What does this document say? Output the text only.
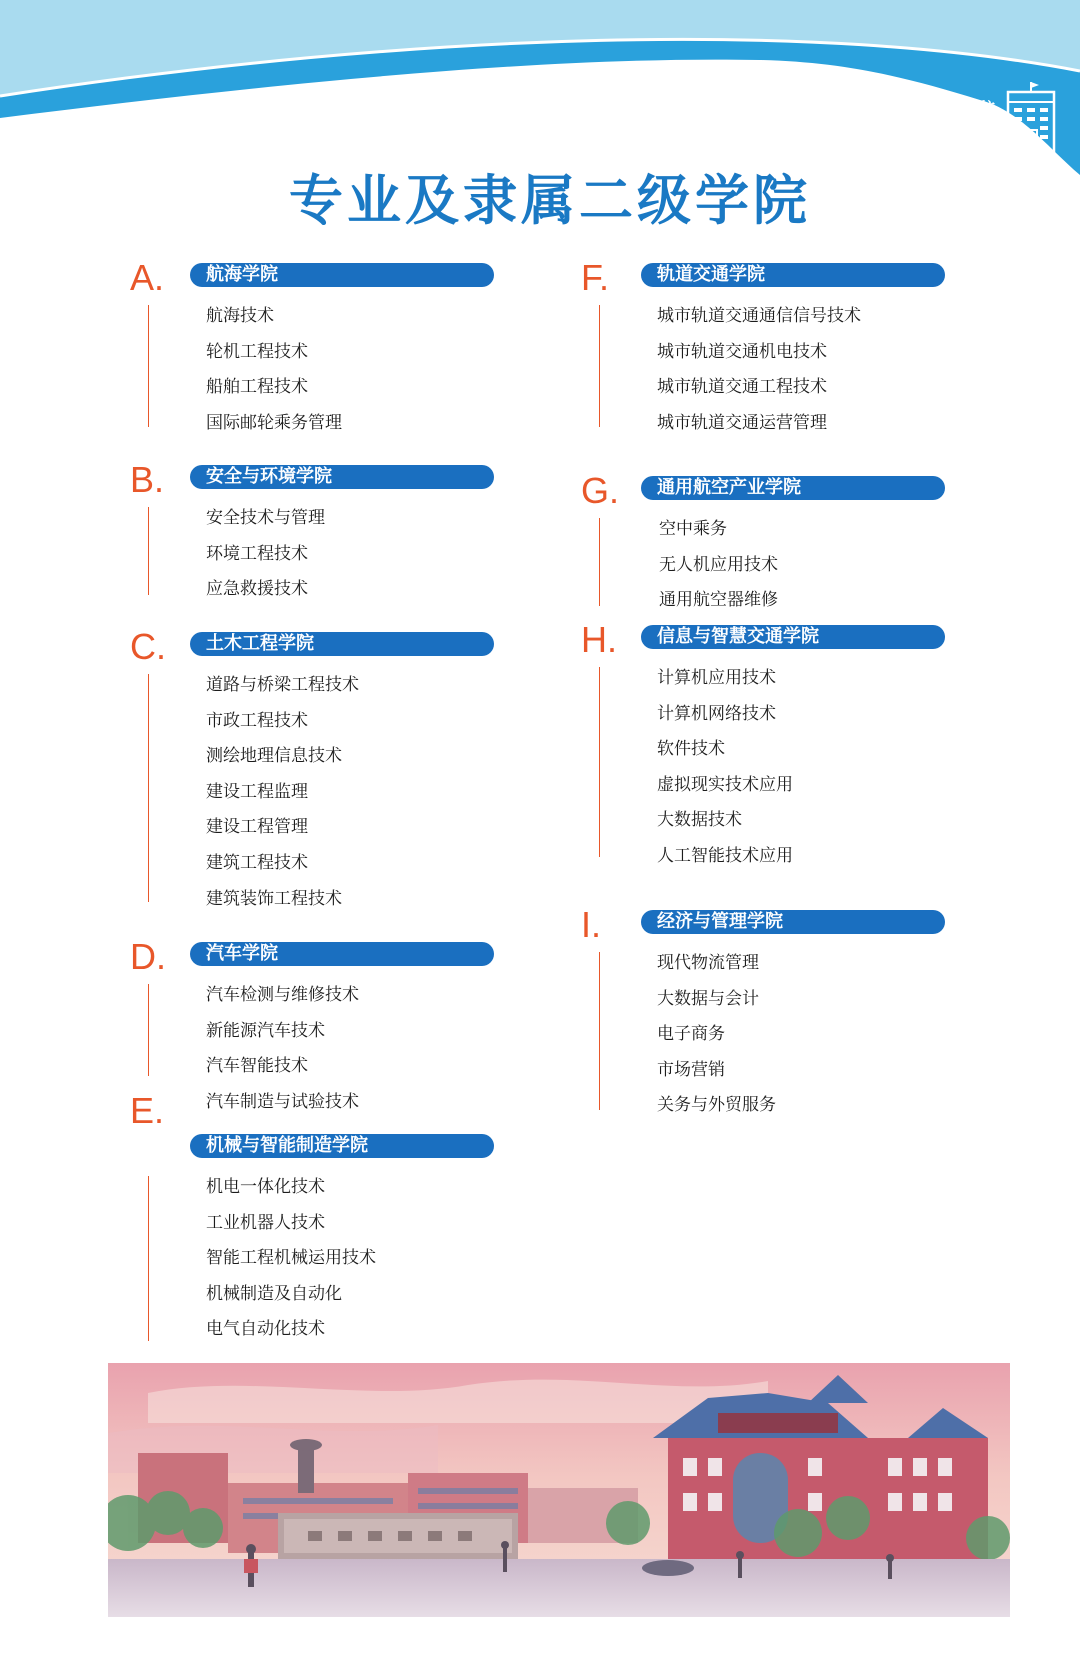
职教旗舰 质量领航
/ 28
专业及隶属二级学院
A.	航海学院
航海技术
轮机工程技术
船舶工程技术
国际邮轮乘务管理
B.	安全与环境学院
安全技术与管理
环境工程技术
应急救援技术
C.	土木工程学院
道路与桥梁工程技术
市政工程技术
测绘地理信息技术
建设工程监理
建设工程管理
建筑工程技术
建筑装饰工程技术
D.	汽车学院
汽车检测与维修技术
新能源汽车技术
汽车智能技术
汽车制造与试验技术
E.
机械与智能制造学院
机电一体化技术
工业机器人技术
智能工程机械运用技术
机械制造及自动化
电气自动化技术
F.	轨道交通学院
城市轨道交通通信信号技术
城市轨道交通机电技术
城市轨道交通工程技术
城市轨道交通运营管理
G.	通用航空产业学院
空中乘务
无人机应用技术
通用航空器维修
H.	信息与智慧交通学院
计算机应用技术
计算机网络技术
软件技术
虚拟现实技术应用
大数据技术
人工智能技术应用
I.	经济与管理学院
现代物流管理
大数据与会计
电子商务
市场营销
关务与外贸服务
